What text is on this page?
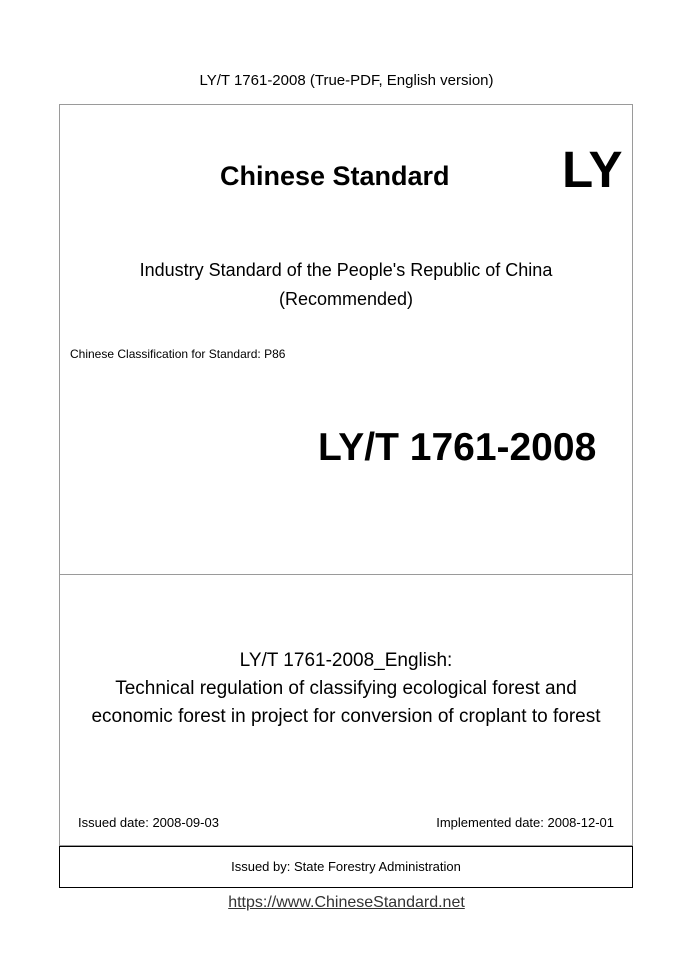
LY/T 1761-2008 (True-PDF, English version)
Chinese Standard LY
Industry Standard of the People's Republic of China
(Recommended)
Chinese Classification for Standard: P86
LY/T 1761-2008
LY/T 1761-2008_English:
Technical regulation of classifying ecological forest and
economic forest in project for conversion of croplant to forest
Issued date: 2008-09-03	Implemented date: 2008-12-01
Issued by: State Forestry Administration
https://www.ChineseStandard.net
